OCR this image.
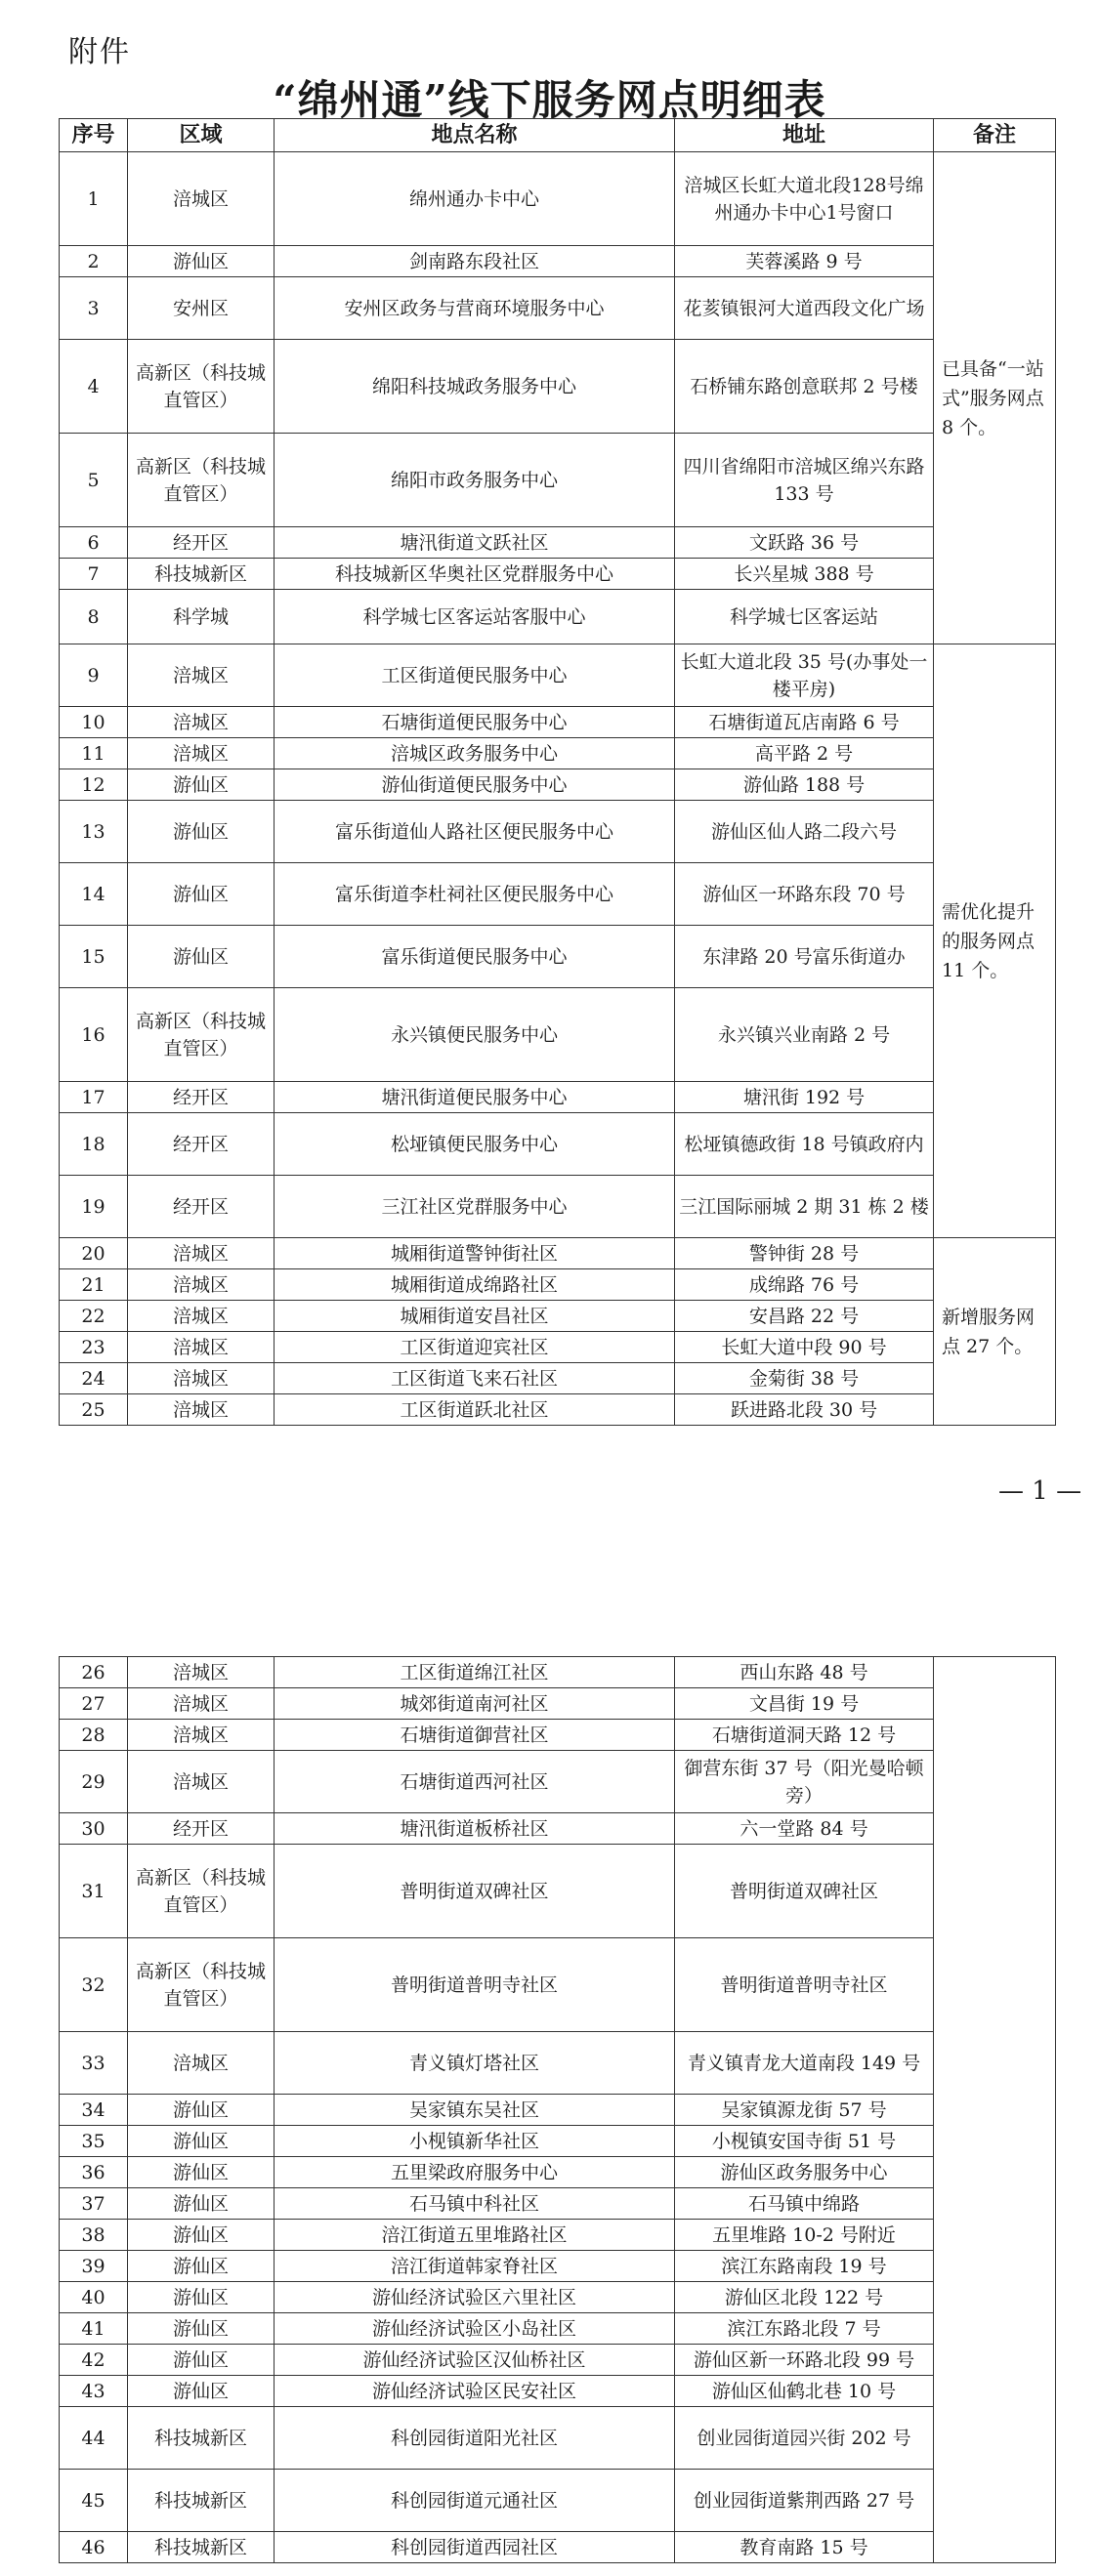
附件
“绵州通”线下服务网点明细表
序号	区域	地点名称	地址	备注
1	涪城区	绵州通办卡中心	涪城区长虹大道北段128号绵州通办卡中心1号窗口	已具备“一站式”服务网点 8 个。
2	游仙区	剑南路东段社区	芙蓉溪路 9 号	
3	安州区	安州区政务与营商环境服务中心	花荄镇银河大道西段文化广场	
4	高新区（科技城直管区）	绵阳科技城政务服务中心	石桥铺东路创意联邦 2 号楼	
5	高新区（科技城直管区）	绵阳市政务服务中心	四川省绵阳市涪城区绵兴东路 133 号	
6	经开区	塘汛街道文跃社区	文跃路 36 号	
7	科技城新区	科技城新区华奥社区党群服务中心	长兴星城 388 号	
8	科学城	科学城七区客运站客服中心	科学城七区客运站	
9	涪城区	工区街道便民服务中心	长虹大道北段 35 号(办事处一楼平房)	需优化提升的服务网点 11 个。
10	涪城区	石塘街道便民服务中心	石塘街道瓦店南路 6 号	
11	涪城区	涪城区政务服务中心	高平路 2 号	
12	游仙区	游仙街道便民服务中心	游仙路 188 号	
13	游仙区	富乐街道仙人路社区便民服务中心	游仙区仙人路二段六号	
14	游仙区	富乐街道李杜祠社区便民服务中心	游仙区一环路东段 70 号	
15	游仙区	富乐街道便民服务中心	东津路 20 号富乐街道办	
16	高新区（科技城直管区）	永兴镇便民服务中心	永兴镇兴业南路 2 号	
17	经开区	塘汛街道便民服务中心	塘汛街 192 号	
18	经开区	松垭镇便民服务中心	松垭镇德政街 18 号镇政府内	
19	经开区	三江社区党群服务中心	三江国际丽城 2 期 31 栋 2 楼	
20	涪城区	城厢街道警钟街社区	警钟街 28 号	新增服务网点 27 个。
21	涪城区	城厢街道成绵路社区	成绵路 76 号	
22	涪城区	城厢街道安昌社区	安昌路 22 号	
23	涪城区	工区街道迎宾社区	长虹大道中段 90 号	
24	涪城区	工区街道飞来石社区	金菊街 38 号	
25	涪城区	工区街道跃北社区	跃进路北段 30 号	
— 1 —
26	涪城区	工区街道绵江社区	西山东路 48 号	
27	涪城区	城郊街道南河社区	文昌街 19 号	
28	涪城区	石塘街道御营社区	石塘街道洞天路 12 号	
29	涪城区	石塘街道西河社区	御营东街 37 号（阳光曼哈顿旁）	
30	经开区	塘汛街道板桥社区	六一堂路 84 号	
31	高新区（科技城直管区）	普明街道双碑社区	普明街道双碑社区	
32	高新区（科技城直管区）	普明街道普明寺社区	普明街道普明寺社区	
33	涪城区	青义镇灯塔社区	青义镇青龙大道南段 149 号	
34	游仙区	吴家镇东吴社区	吴家镇源龙街 57 号	
35	游仙区	小枧镇新华社区	小枧镇安国寺街 51 号	
36	游仙区	五里梁政府服务中心	游仙区政务服务中心	
37	游仙区	石马镇中科社区	石马镇中绵路	
38	游仙区	涪江街道五里堆路社区	五里堆路 10-2 号附近	
39	游仙区	涪江街道韩家脊社区	滨江东路南段 19 号	
40	游仙区	游仙经济试验区六里社区	游仙区北段 122 号	
41	游仙区	游仙经济试验区小岛社区	滨江东路北段 7 号	
42	游仙区	游仙经济试验区汉仙桥社区	游仙区新一环路北段 99 号	
43	游仙区	游仙经济试验区民安社区	游仙区仙鹤北巷 10 号	
44	科技城新区	科创园街道阳光社区	创业园街道园兴街 202 号	
45	科技城新区	科创园街道元通社区	创业园街道紫荆西路 27 号	
46	科技城新区	科创园街道西园社区	教育南路 15 号	
